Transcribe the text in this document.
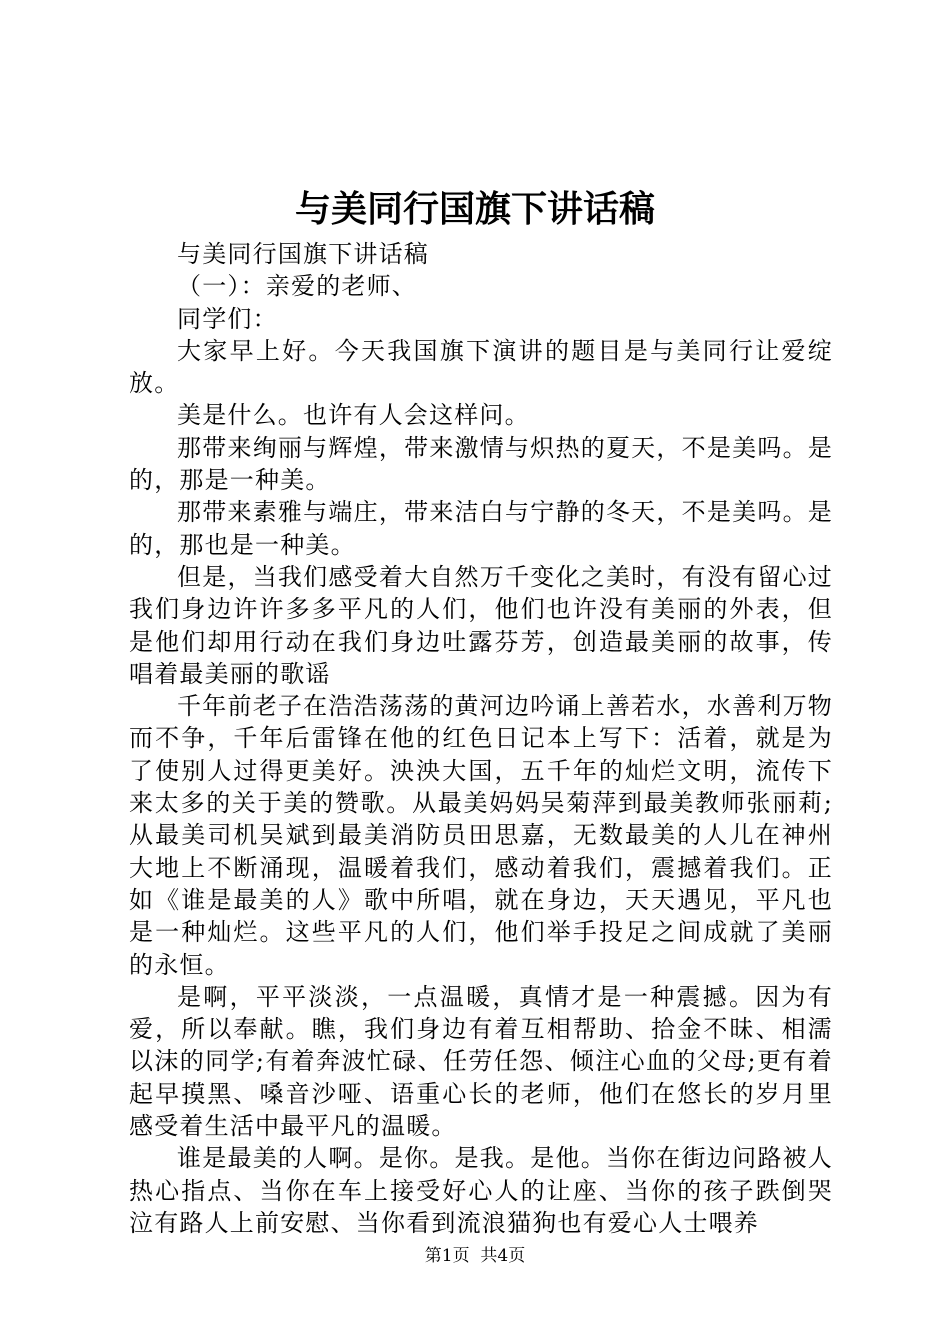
与美同行国旗下讲话稿

与美同行国旗下讲话稿

（一）：亲爱的老师、

同学们：

大家早上好。今天我国旗下演讲的题目是与美同行让爱绽放。

美是什么。也许有人会这样问。

那带来绚丽与辉煌，带来激情与炽热的夏天，不是美吗。是的，那是一种美。

那带来素雅与端庄，带来洁白与宁静的冬天，不是美吗。是的，那也是一种美。

但是，当我们感受着大自然万千变化之美时，有没有留心过我们身边许许多多平凡的人们，他们也许没有美丽的外表，但是他们却用行动在我们身边吐露芬芳，创造最美丽的故事，传唱着最美丽的歌谣

千年前老子在浩浩荡荡的黄河边吟诵上善若水，水善利万物而不争，千年后雷锋在他的红色日记本上写下：活着，就是为了使别人过得更美好。泱泱大国，五千年的灿烂文明，流传下来太多的关于美的赞歌。从最美妈妈吴菊萍到最美教师张丽莉;从最美司机吴斌到最美消防员田思嘉，无数最美的人儿在神州大地上不断涌现，温暖着我们，感动着我们，震撼着我们。正如《谁是最美的人》歌中所唱，就在身边，天天遇见，平凡也是一种灿烂。这些平凡的人们，他们举手投足之间成就了美丽的永恒。

是啊，平平淡淡，一点温暖，真情才是一种震撼。因为有爱，所以奉献。瞧，我们身边有着互相帮助、拾金不昧、相濡以沫的同学;有着奔波忙碌、任劳任怨、倾注心血的父母;更有着起早摸黑、嗓音沙哑、语重心长的老师，他们在悠长的岁月里感受着生活中最平凡的温暖。

谁是最美的人啊。是你。是我。是他。当你在街边问路被人热心指点、当你在车上接受好心人的让座、当你的孩子跌倒哭泣有路人上前安慰、当你看到流浪猫狗也有爱心人士喂养

第1页  共4页
